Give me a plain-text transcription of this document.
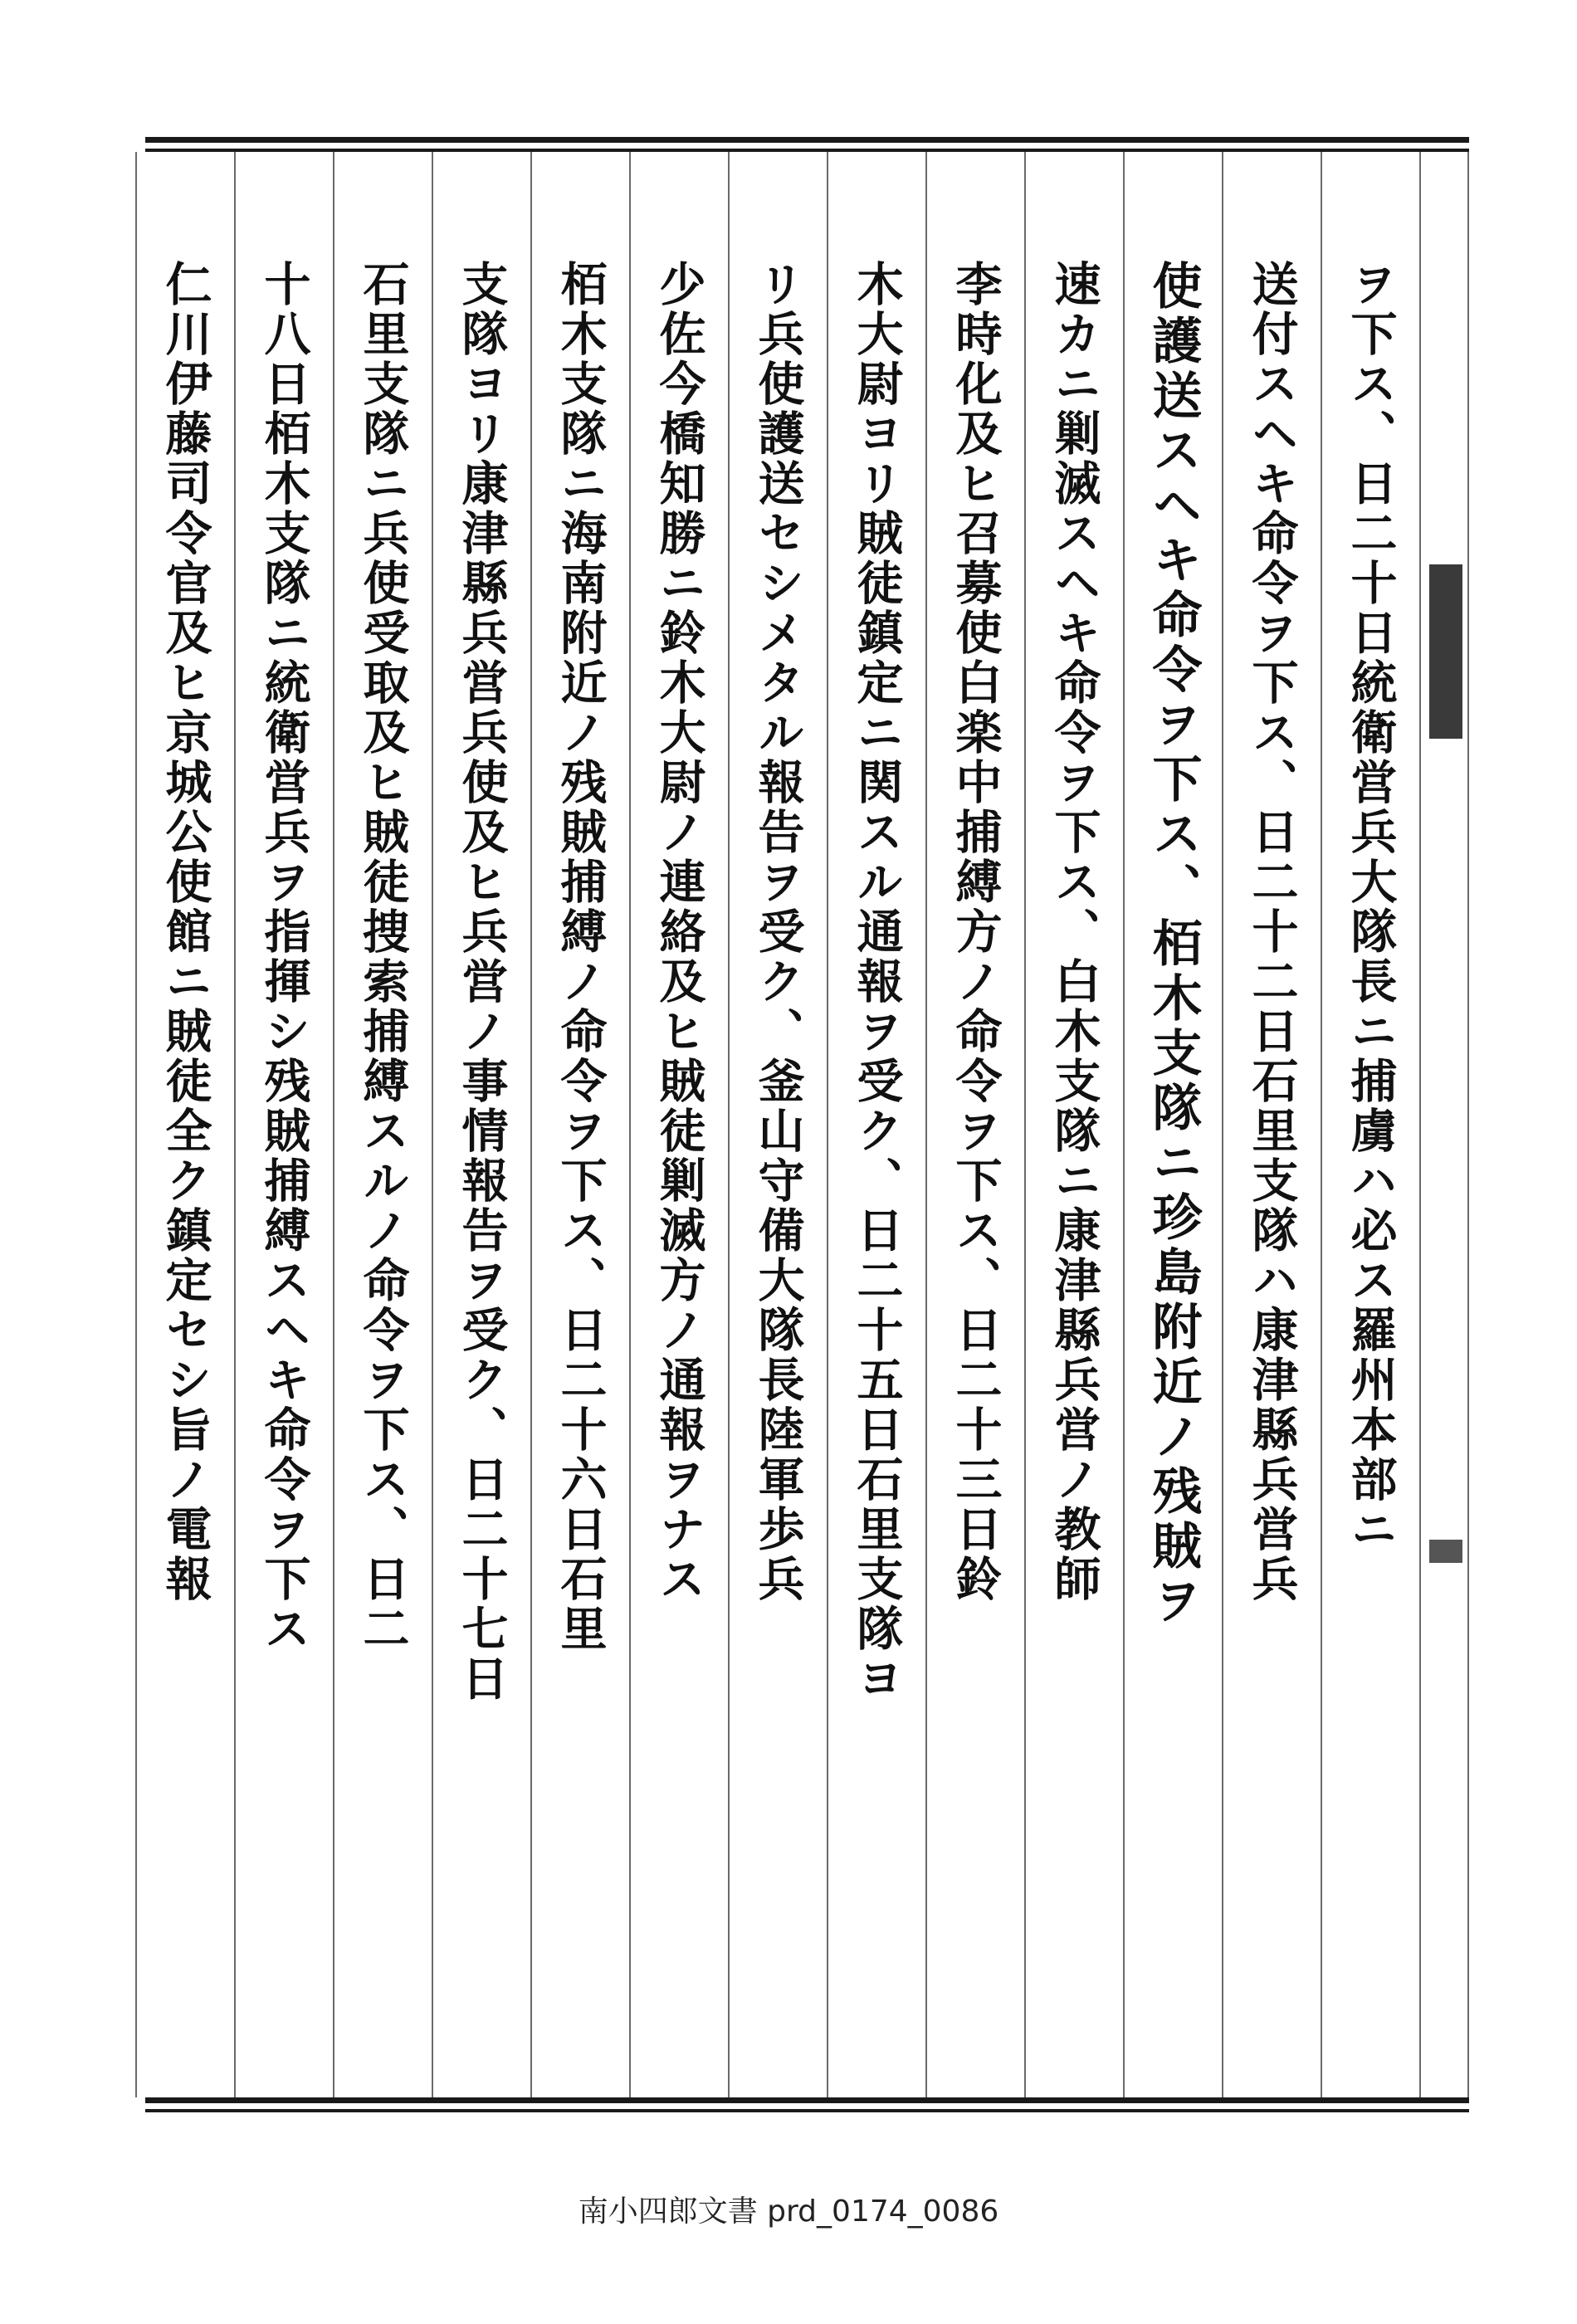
ヲ下ス、日二十日統衛営兵大隊長ニ捕虜ハ必ス羅州本部ニ
送付スヘキ命令ヲ下ス、日二十二日石里支隊ハ康津縣兵営兵
使護送スヘキ命令ヲ下ス、栢木支隊ニ珍島附近ノ残賊ヲ
速カニ剿滅スヘキ命令ヲ下ス、白木支隊ニ康津縣兵営ノ教師
李時化及ヒ召募使白楽中捕縛方ノ命令ヲ下ス、日二十三日鈴
木大尉ヨリ賊徒鎮定ニ関スル通報ヲ受ク、日二十五日石里支隊ヨ
リ兵使護送セシメタル報告ヲ受ク、釜山守備大隊長陸軍歩兵
少佐今橋知勝ニ鈴木大尉ノ連絡及ヒ賊徒剿滅方ノ通報ヲナス
栢木支隊ニ海南附近ノ残賊捕縛ノ命令ヲ下ス、日二十六日石里
支隊ヨリ康津縣兵営兵使及ヒ兵営ノ事情報告ヲ受ク、日二十七日
石里支隊ニ兵使受取及ヒ賊徒捜索捕縛スルノ命令ヲ下ス、日二
十八日栢木支隊ニ統衛営兵ヲ指揮シ残賊捕縛スヘキ命令ヲ下ス
仁川伊藤司令官及ヒ京城公使館ニ賊徒全ク鎮定セシ旨ノ電報
南小四郎文書 prd_0174_0086
